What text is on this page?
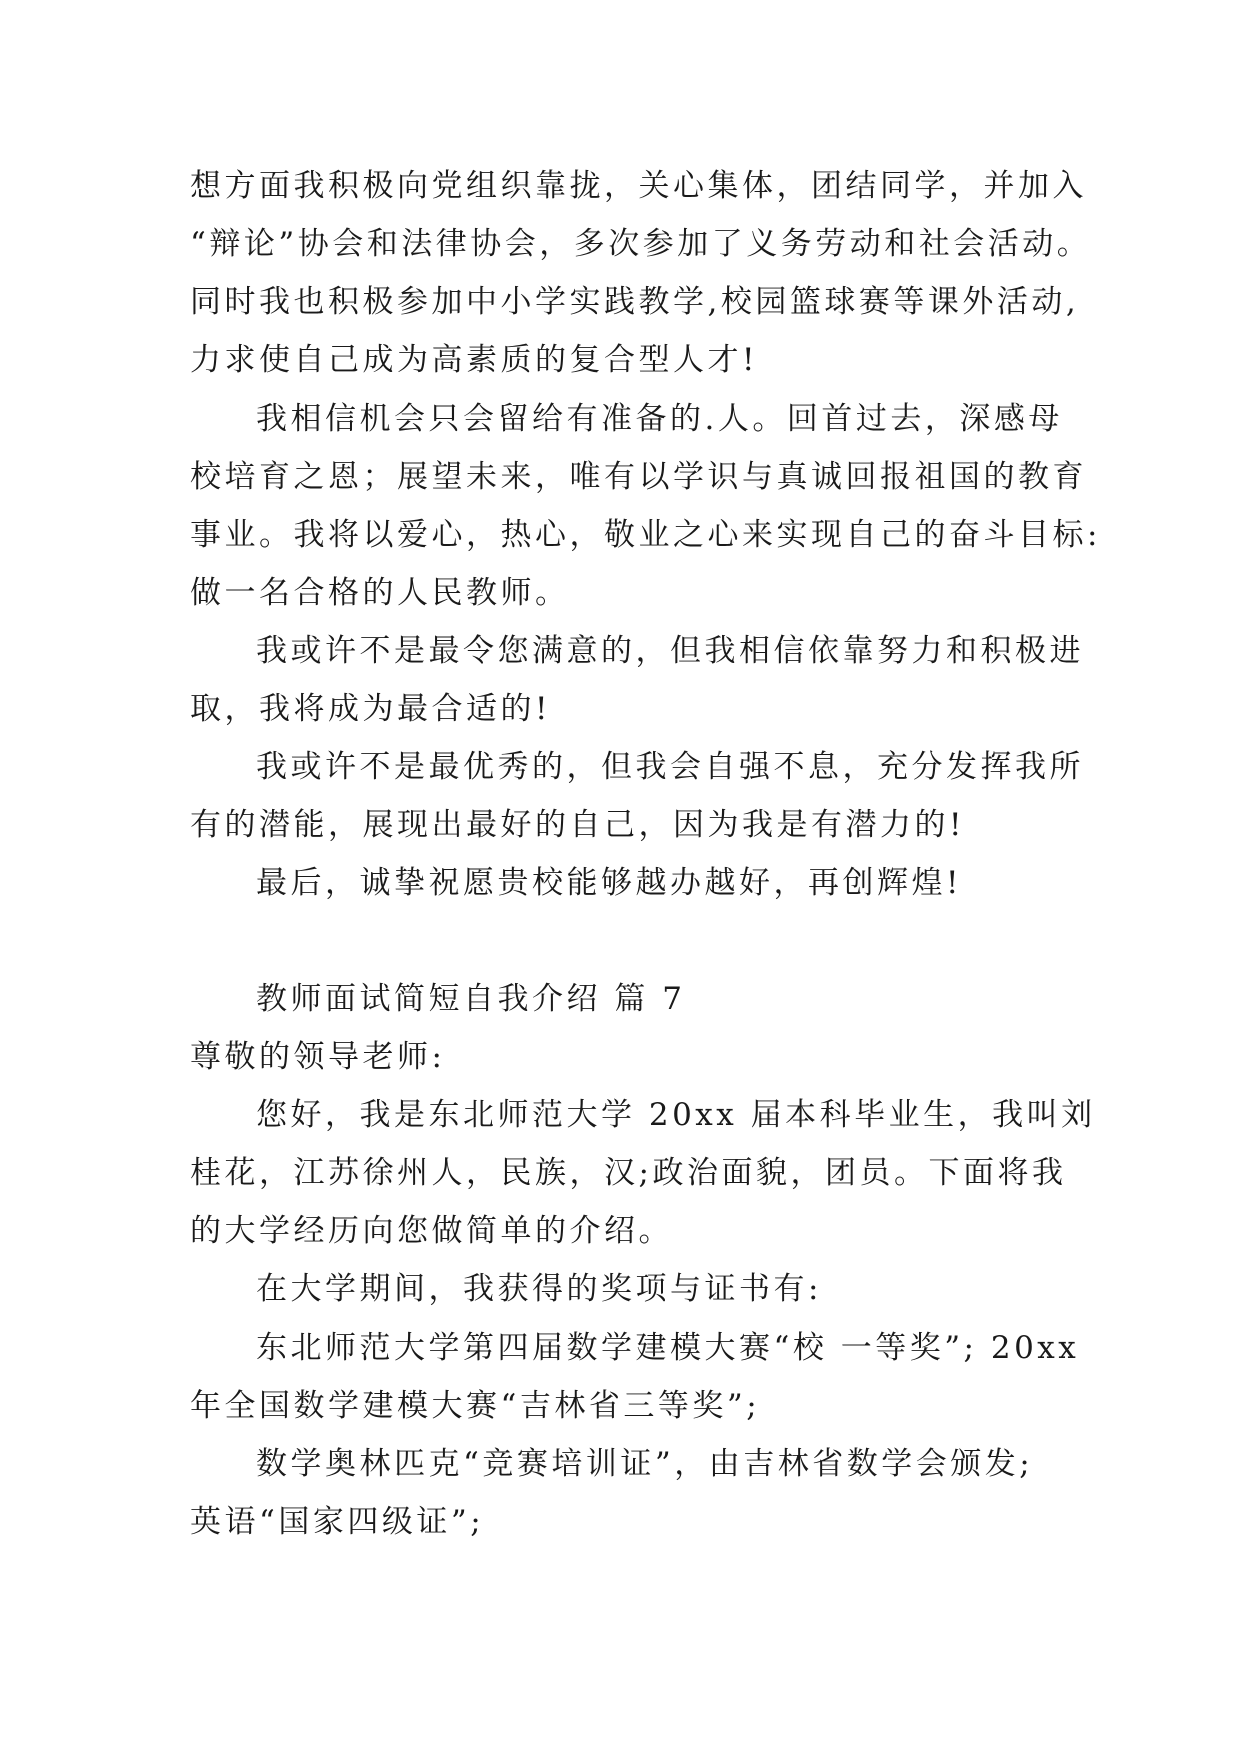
想方面我积极向党组织靠拢，关心集体，团结同学，并加入
“辩论”协会和法律协会，多次参加了义务劳动和社会活动。
同时我也积极参加中小学实践教学,校园篮球赛等课外活动,
力求使自己成为高素质的复合型人才!
我相信机会只会留给有准备的.人。回首过去，深感母
校培育之恩；展望未来，唯有以学识与真诚回报祖国的教育
事业。我将以爱心，热心，敬业之心来实现自己的奋斗目标:
做一名合格的人民教师。
我或许不是最令您满意的，但我相信依靠努力和积极进
取，我将成为最合适的!
我或许不是最优秀的，但我会自强不息，充分发挥我所
有的潜能，展现出最好的自己，因为我是有潜力的!
最后，诚挚祝愿贵校能够越办越好，再创辉煌!
教师面试简短自我介绍 篇 7
尊敬的领导老师:
您好，我是东北师范大学 20xx 届本科毕业生，我叫刘
桂花，江苏徐州人，民族，汉;政治面貌，团员。下面将我
的大学经历向您做简单的介绍。
在大学期间，我获得的奖项与证书有:
东北师范大学第四届数学建模大赛“校 一等奖”; 20xx
年全国数学建模大赛“吉林省三等奖”;
数学奥林匹克“竞赛培训证”，由吉林省数学会颁发;
英语“国家四级证”;
